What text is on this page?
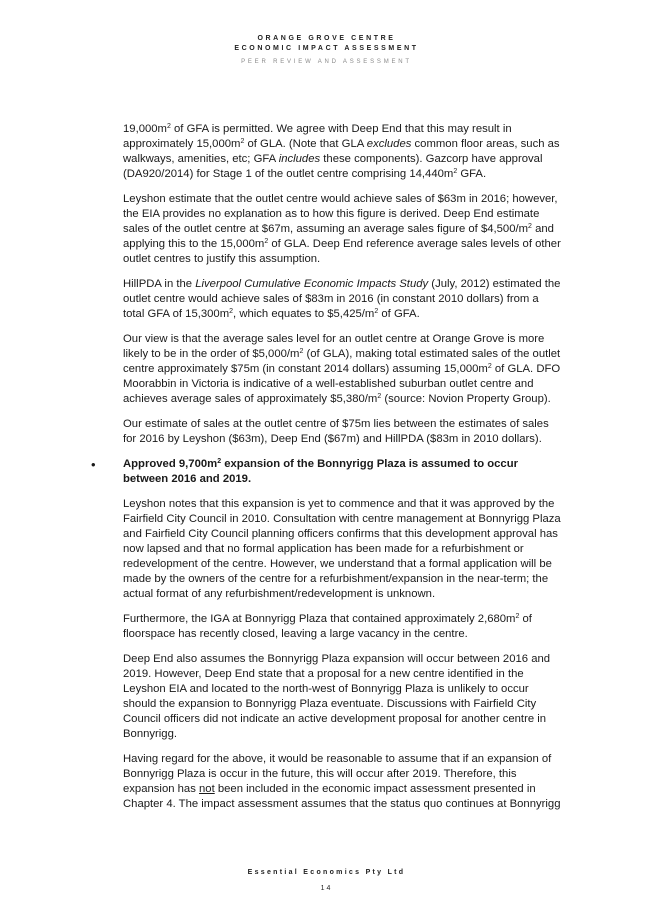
ORANGE GROVE CENTRE
ECONOMIC IMPACT ASSESSMENT
PEER REVIEW AND ASSESSMENT

$19,000m^2$ of GFA is permitted. We agree with Deep End that this may result in approximately $15,000m^2$ of GLA. (Note that GLA excludes common floor areas, such as walkways, amenities, etc; GFA includes these components). Gazcorp have approval (DA920/2014) for Stage 1 of the outlet centre comprising $14,440m^2$ GFA.

Leyshon estimate that the outlet centre would achieve sales of $63m in 2016; however, the EIA provides no explanation as to how this figure is derived. Deep End estimate sales of the outlet centre at $67m, assuming an average sales figure of $\$4,500/m^2$ and applying this to the $15,000m^2$ of GLA. Deep End reference average sales levels of other outlet centres to justify this assumption.

HillPDA in the Liverpool Cumulative Economic Impacts Study (July, 2012) estimated the outlet centre would achieve sales of $83m in 2016 (in constant 2010 dollars) from a total GFA of $15,300m^2$, which equates to $\$5,425/m^2$ of GFA.

Our view is that the average sales level for an outlet centre at Orange Grove is more likely to be in the order of $\$5,000/m^2$ (of GLA), making total estimated sales of the outlet centre approximately $75m (in constant 2014 dollars) assuming $15,000m^2$ of GLA. DFO Moorabbin in Victoria is indicative of a well-established suburban outlet centre and achieves average sales of approximately $\$5,380/m^2$ (source: Novion Property Group).

Our estimate of sales at the outlet centre of $75m lies between the estimates of sales for 2016 by Leyshon ($63m), Deep End ($67m) and HillPDA ($83m in 2010 dollars).

• Approved $9,700m^2$ expansion of the Bonnyrigg Plaza is assumed to occur between 2016 and 2019.

Leyshon notes that this expansion is yet to commence and that it was approved by the Fairfield City Council in 2010. Consultation with centre management at Bonnyrigg Plaza and Fairfield City Council planning officers confirms that this development approval has now lapsed and that no formal application has been made for a refurbishment or redevelopment of the centre. However, we understand that a formal application will be made by the owners of the centre for a refurbishment/expansion in the near-term; the actual format of any refurbishment/redevelopment is unknown.

Furthermore, the IGA at Bonnyrigg Plaza that contained approximately $2,680m^2$ of floorspace has recently closed, leaving a large vacancy in the centre.

Deep End also assumes the Bonnyrigg Plaza expansion will occur between 2016 and 2019. However, Deep End state that a proposal for a new centre identified in the Leyshon EIA and located to the north-west of Bonnyrigg Plaza is unlikely to occur should the expansion to Bonnyrigg Plaza eventuate. Discussions with Fairfield City Council officers did not indicate an active development proposal for another centre in Bonnyrigg.

Having regard for the above, it would be reasonable to assume that if an expansion of Bonnyrigg Plaza is occur in the future, this will occur after 2019. Therefore, this expansion has not been included in the economic impact assessment presented in Chapter 4. The impact assessment assumes that the status quo continues at Bonnyrigg

Essential Economics Pty Ltd
14
